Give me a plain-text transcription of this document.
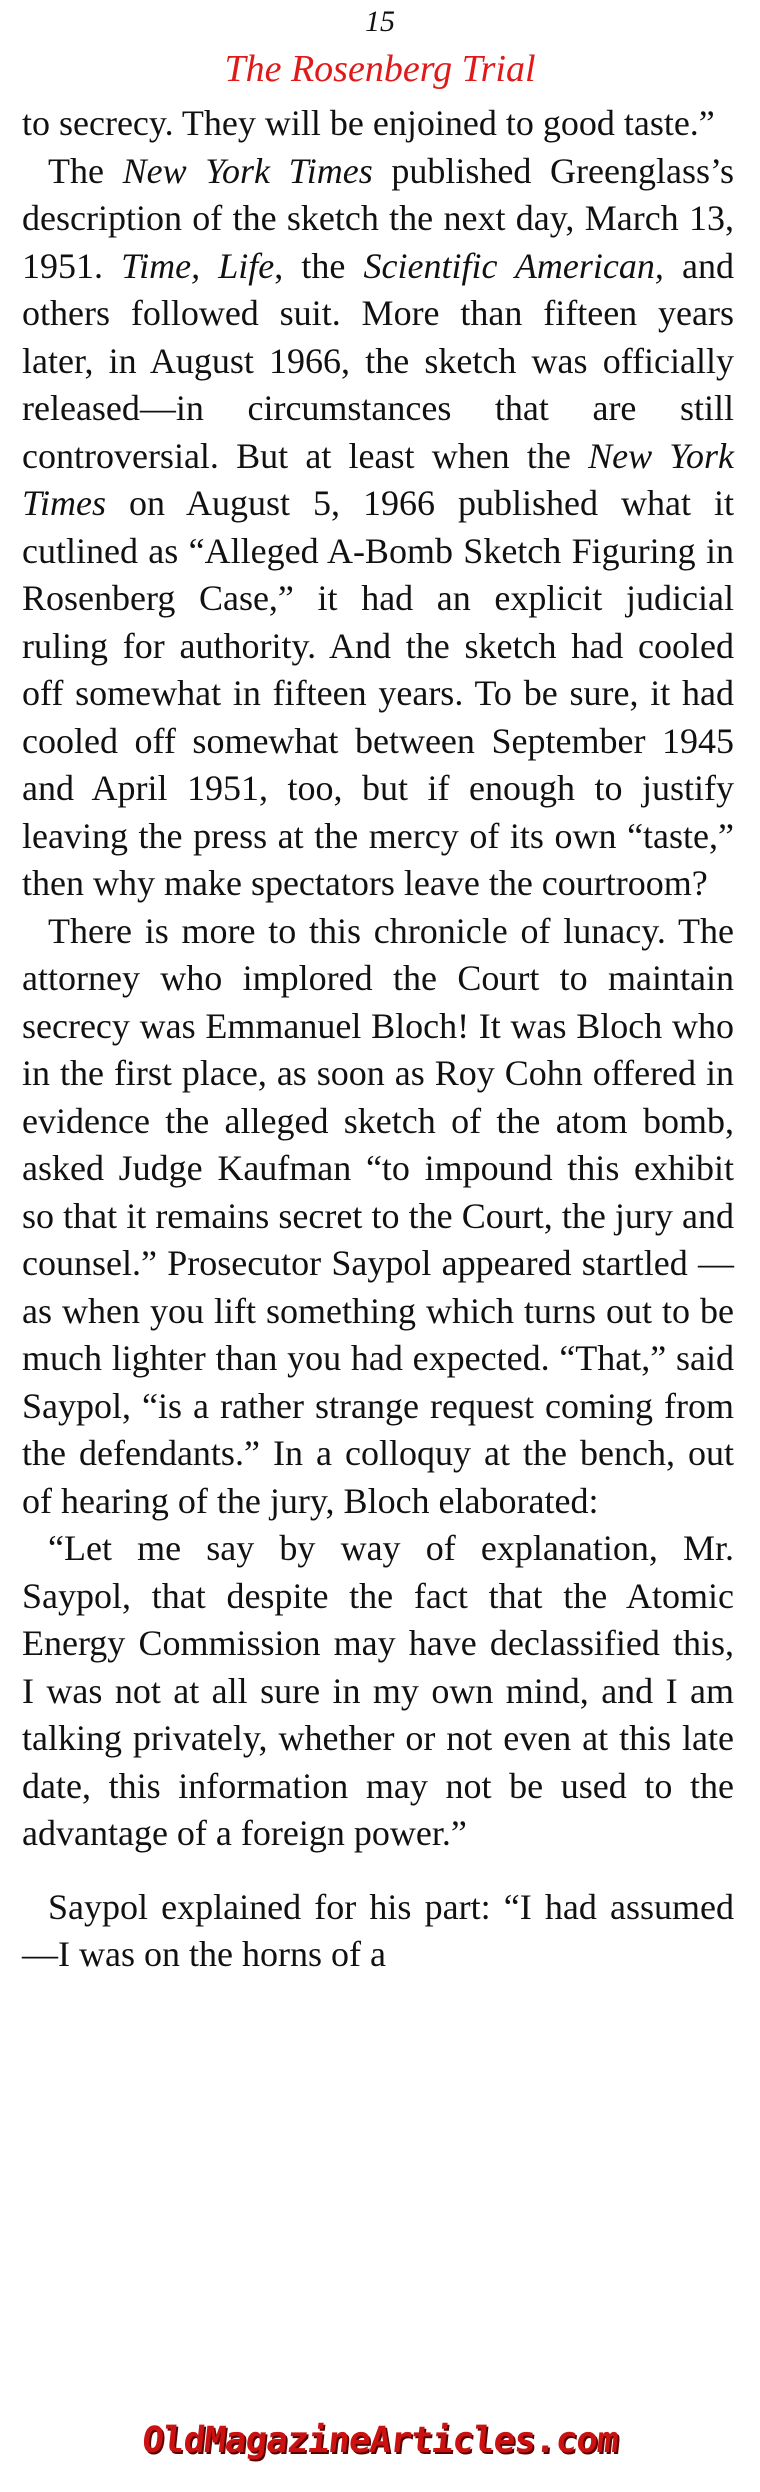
15
The Rosenberg Trial

to secrecy. They will be enjoined to good taste.”

The New York Times published Greenglass’s description of the sketch the next day, March 13, 1951. Time, Life, the Scientific American, and others followed suit. More than fifteen years later, in August 1966, the sketch was officially released—in circumstances that are still controversial. But at least when the New York Times on August 5, 1966 published what it cutlined as “Alleged A-Bomb Sketch Figuring in Rosenberg Case,” it had an explicit judicial ruling for authority. And the sketch had cooled off somewhat in fifteen years. To be sure, it had cooled off somewhat between September 1945 and April 1951, too, but if enough to justify leaving the press at the mercy of its own “taste,” then why make spectators leave the courtroom?

There is more to this chronicle of lunacy. The attorney who implored the Court to maintain secrecy was Emmanuel Bloch! It was Bloch who in the first place, as soon as Roy Cohn offered in evidence the alleged sketch of the atom bomb, asked Judge Kaufman “to impound this exhibit so that it remains secret to the Court, the jury and counsel.” Prosecutor Saypol appeared startled —as when you lift something which turns out to be much lighter than you had expected. “That,” said Saypol, “is a rather strange request coming from the defendants.” In a colloquy at the bench, out of hearing of the jury, Bloch elaborated:

“Let me say by way of explanation, Mr. Saypol, that despite the fact that the Atomic Energy Commission may have declassified this, I was not at all sure in my own mind, and I am talking privately, whether or not even at this late date, this information may not be used to the advantage of a foreign power.”

Saypol explained for his part: “I had assumed—I was on the horns of a

OldMagazineArticles.com
